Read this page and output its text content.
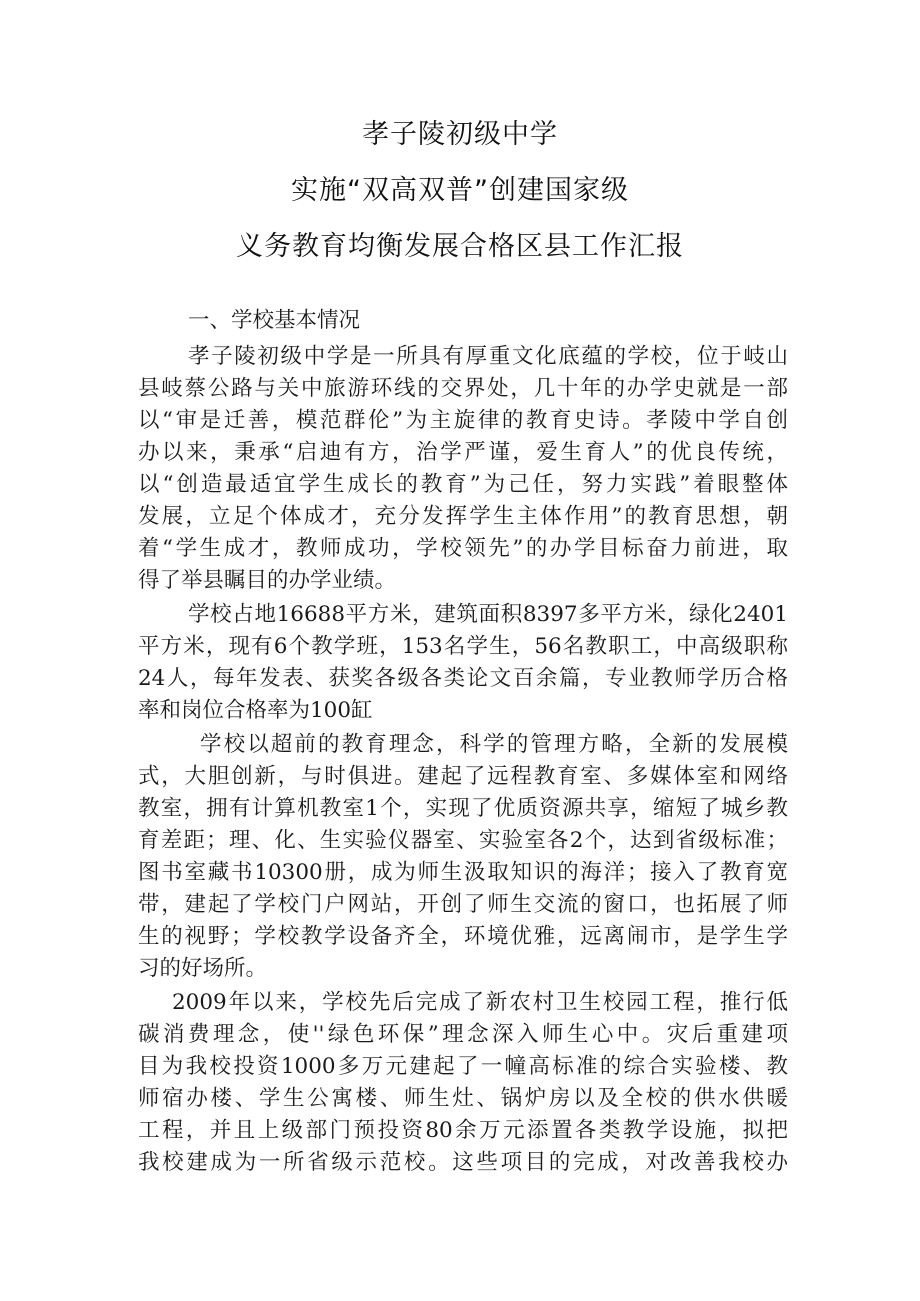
孝子陵初级中学
实施“双高双普”创建国家级
义务教育均衡发展合格区县工作汇报
一、学校基本情况
孝子陵初级中学是一所具有厚重文化底蕴的学校，位于岐山
县岐蔡公路与关中旅游环线的交界处，几十年的办学史就是一部
以“审是迁善，模范群伦”为主旋律的教育史诗。孝陵中学自创
办以来，秉承“启迪有方，治学严谨，爱生育人”的优良传统，
以“创造最适宜学生成长的教育”为己任，努力实践”着眼整体
发展，立足个体成才，充分发挥学生主体作用”的教育思想，朝
着“学生成才，教师成功，学校领先”的办学目标奋力前进，取
得了举县瞩目的办学业绩。
学校占地16688平方米，建筑面积8397多平方米，绿化2401
平方米，现有6个教学班，153名学生，56名教职工，中高级职称
24人，每年发表、获奖各级各类论文百余篇，专业教师学历合格
率和岗位合格率为100缸
学校以超前的教育理念，科学的管理方略，全新的发展模
式，大胆创新，与时俱进。建起了远程教育室、多媒体室和网络
教室，拥有计算机教室1个，实现了优质资源共享，缩短了城乡教
育差距；理、化、生实验仪器室、实验室各2个，达到省级标准；
图书室藏书10300册，成为师生汲取知识的海洋；接入了教育宽
带，建起了学校门户网站，开创了师生交流的窗口，也拓展了师
生的视野；学校教学设备齐全，环境优雅，远离闹市，是学生学
习的好场所。
2009年以来，学校先后完成了新农村卫生校园工程，推行低
碳消费理念，使''绿色环保”理念深入师生心中。灾后重建项
目为我校投资1000多万元建起了一幢高标准的综合实验楼、教
师宿办楼、学生公寓楼、师生灶、锅炉房以及全校的供水供暖
工程，并且上级部门预投资80余万元添置各类教学设施，拟把
我校建成为一所省级示范校。这些项目的完成，对改善我校办
